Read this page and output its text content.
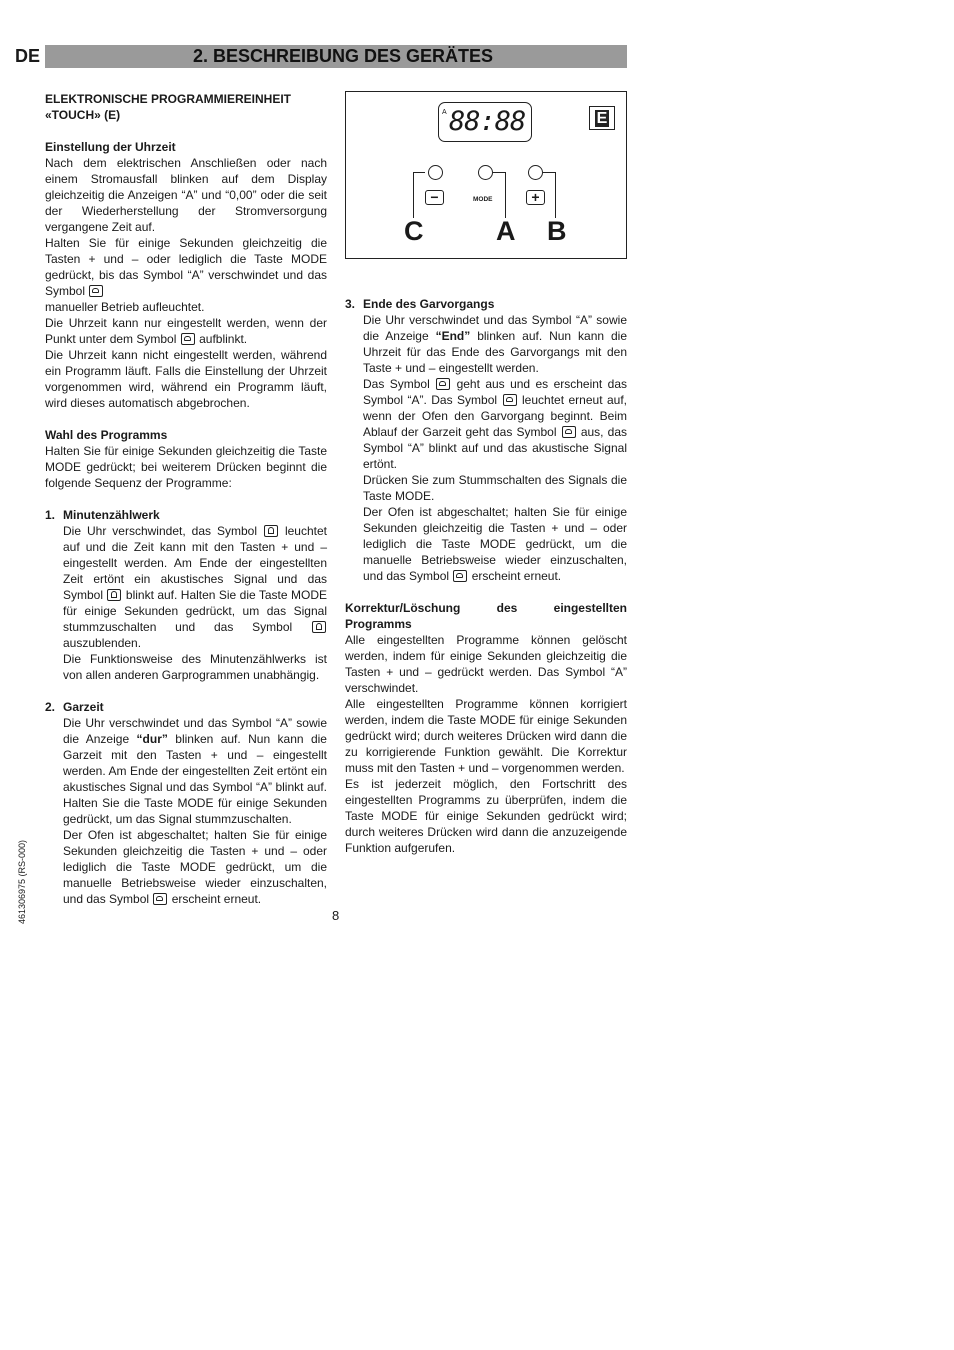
DE	2. BESCHREIBUNG DES GERÄTES

ELEKTRONISCHE PROGRAMMIEREINHEIT
«TOUCH» (E)

Einstellung der Uhrzeit

Nach dem elektrischen Anschließen oder nach einem Stromausfall blinken auf dem Display gleichzeitig die Anzeigen “A” und “0,00” oder die seit der Wiederherstellung der Stromversorgung vergangene Zeit auf.

Halten Sie für einige Sekunden gleichzeitig die Tasten + und – oder lediglich die Taste MODE gedrückt, bis das Symbol “A” verschwindet und das Symbol
manueller Betrieb aufleuchtet.

Die Uhrzeit kann nur eingestellt werden, wenn der Punkt unter dem Symbol aufblinkt.

Die Uhrzeit kann nicht eingestellt werden, während ein Programm läuft. Falls die Einstellung der Uhrzeit vorgenommen wird, während ein Programm läuft, wird dieses automatisch abgebrochen.

Wahl des Programms

Halten Sie für einige Sekunden gleichzeitig die Taste MODE gedrückt; bei weiterem Drücken beginnt die folgende Sequenz der Programme:

1. Minutenzählwerk

Die Uhr verschwindet, das Symbol leuchtet auf und die Zeit kann mit den Tasten + und – eingestellt werden. Am Ende der eingestellten Zeit ertönt ein akustisches Signal und das Symbol blinkt auf. Halten Sie die Taste MODE für einige Sekunden gedrückt, um das Signal stummzuschalten und das Symbol  auszublenden.

Die Funktionsweise des Minutenzählwerks ist von allen anderen Garprogrammen unabhängig.

2. Garzeit

Die Uhr verschwindet und das Symbol “A” sowie die Anzeige “dur” blinken auf. Nun kann die Garzeit mit den Tasten + und – eingestellt werden. Am Ende der eingestellten Zeit ertönt ein akustisches Signal und das Symbol “A” blinkt auf. Halten Sie die Taste MODE für einige Sekunden gedrückt, um das Signal stummzuschalten.

Der Ofen ist abgeschaltet; halten Sie für einige Sekunden gleichzeitig die Tasten + und – oder lediglich die Taste MODE gedrückt, um die manuelle Betriebsweise wieder einzuschalten, und das Symbol erscheint erneut.

A 88:88	E
−	MODE	+
C	A B
3. Ende des Garvorgangs

Die Uhr verschwindet und das Symbol “A” sowie die Anzeige “End” blinken auf. Nun kann die Uhrzeit für das Ende des Garvorgangs mit den Taste + und – eingestellt werden.

Das Symbol geht aus und es erscheint das Symbol “A”. Das Symbol leuchtet erneut auf, wenn der Ofen den Garvorgang beginnt. Beim Ablauf der Garzeit geht das Symbol aus, das Symbol “A” blinkt auf und das akustische Signal ertönt.

Drücken Sie zum Stummschalten des Signals die Taste MODE.

Der Ofen ist abgeschaltet; halten Sie für einige Sekunden gleichzeitig die Tasten + und – oder lediglich die Taste MODE gedrückt, um die manuelle Betriebsweise wieder einzuschalten, und das Symbol erscheint erneut.

Korrektur/Löschung des eingestellten Programms

Alle eingestellten Programme können gelöscht werden, indem für einige Sekunden gleichzeitig die Tasten + und – gedrückt werden. Das Symbol “A” verschwindet.

Alle eingestellten Programme können korrigiert werden, indem die Taste MODE für einige Sekunden gedrückt wird; durch weiteres Drücken wird dann die zu korrigierende Funktion gewählt. Die Korrektur muss mit den Tasten + und – vorgenommen werden.

Es ist jederzeit möglich, den Fortschritt des eingestellten Programms zu überprüfen, indem die Taste MODE für einige Sekunden gedrückt wird; durch weiteres Drücken wird dann die anzuzeigende Funktion aufgerufen.

8
461306975 (RS-000)
